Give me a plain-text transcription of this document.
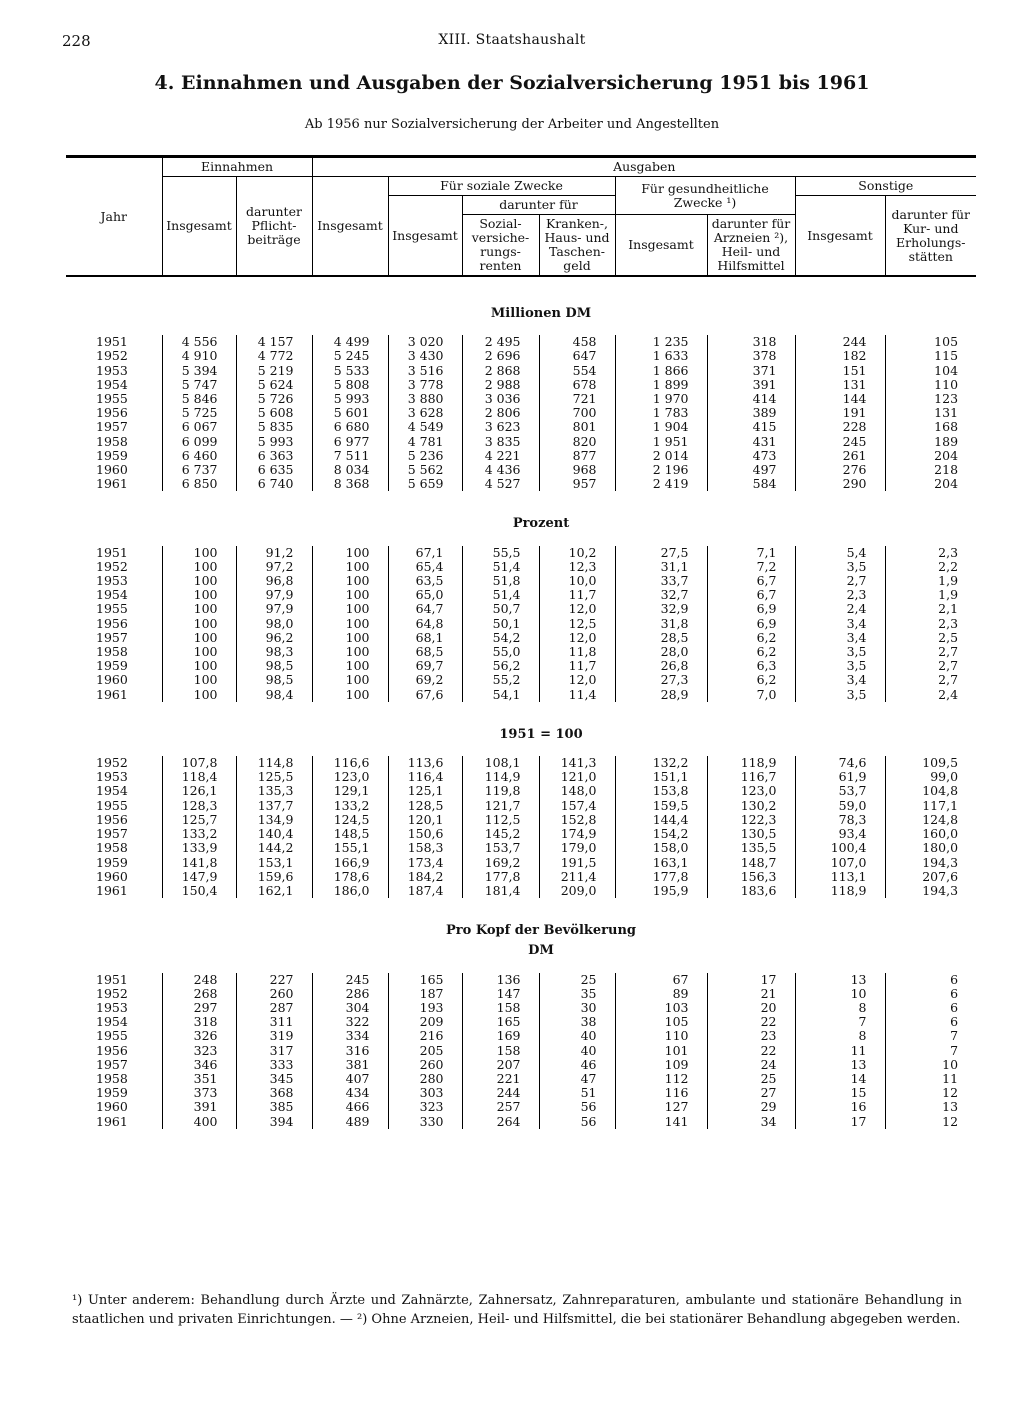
228	XIII. Staatshaushalt
4. Einnahmen und Ausgaben der Sozialversicherung 1951 bis 1961
Ab 1956 nur Sozialversicherung der Arbeiter und Angestellten
Jahr	Einnahmen		Ausgaben							
	Insgesamt	darunter Pflicht-beiträge	Insgesamt	Für soziale Zwecke			Für gesundheitliche Zwecke ¹)		Sonstige	
				Insgesamt	darunter für				Insgesamt	darunter für Kur- und Erholungs-stätten
					Sozial-versiche-rungs-renten	Kranken-, Haus- und Taschen-geld	Insgesamt	darunter für Arzneien ²), Heil- und Hilfsmittel		

Millionen DM										

1951	4 556	4 157	4 499	3 020	2 495	458	1 235	318	244	105
1952	4 910	4 772	5 245	3 430	2 696	647	1 633	378	182	115
1953	5 394	5 219	5 533	3 516	2 868	554	1 866	371	151	104
1954	5 747	5 624	5 808	3 778	2 988	678	1 899	391	131	110
1955	5 846	5 726	5 993	3 880	3 036	721	1 970	414	144	123
1956	5 725	5 608	5 601	3 628	2 806	700	1 783	389	191	131
1957	6 067	5 835	6 680	4 549	3 623	801	1 904	415	228	168
1958	6 099	5 993	6 977	4 781	3 835	820	1 951	431	245	189
1959	6 460	6 363	7 511	5 236	4 221	877	2 014	473	261	204
1960	6 737	6 635	8 034	5 562	4 436	968	2 196	497	276	218
1961	6 850	6 740	8 368	5 659	4 527	957	2 419	584	290	204

Prozent										

1951	100	91,2	100	67,1	55,5	10,2	27,5	7,1	5,4	2,3
1952	100	97,2	100	65,4	51,4	12,3	31,1	7,2	3,5	2,2
1953	100	96,8	100	63,5	51,8	10,0	33,7	6,7	2,7	1,9
1954	100	97,9	100	65,0	51,4	11,7	32,7	6,7	2,3	1,9
1955	100	97,9	100	64,7	50,7	12,0	32,9	6,9	2,4	2,1
1956	100	98,0	100	64,8	50,1	12,5	31,8	6,9	3,4	2,3
1957	100	96,2	100	68,1	54,2	12,0	28,5	6,2	3,4	2,5
1958	100	98,3	100	68,5	55,0	11,8	28,0	6,2	3,5	2,7
1959	100	98,5	100	69,7	56,2	11,7	26,8	6,3	3,5	2,7
1960	100	98,5	100	69,2	55,2	12,0	27,3	6,2	3,4	2,7
1961	100	98,4	100	67,6	54,1	11,4	28,9	7,0	3,5	2,4

1951 = 100										

1952	107,8	114,8	116,6	113,6	108,1	141,3	132,2	118,9	74,6	109,5
1953	118,4	125,5	123,0	116,4	114,9	121,0	151,1	116,7	61,9	99,0
1954	126,1	135,3	129,1	125,1	119,8	148,0	153,8	123,0	53,7	104,8
1955	128,3	137,7	133,2	128,5	121,7	157,4	159,5	130,2	59,0	117,1
1956	125,7	134,9	124,5	120,1	112,5	152,8	144,4	122,3	78,3	124,8
1957	133,2	140,4	148,5	150,6	145,2	174,9	154,2	130,5	93,4	160,0
1958	133,9	144,2	155,1	158,3	153,7	179,0	158,0	135,5	100,4	180,0
1959	141,8	153,1	166,9	173,4	169,2	191,5	163,1	148,7	107,0	194,3
1960	147,9	159,6	178,6	184,2	177,8	211,4	177,8	156,3	113,1	207,6
1961	150,4	162,1	186,0	187,4	181,4	209,0	195,9	183,6	118,9	194,3

Pro Kopf der Bevölkerung										
DM										

1951	248	227	245	165	136	25	67	17	13	6
1952	268	260	286	187	147	35	89	21	10	6
1953	297	287	304	193	158	30	103	20	8	6
1954	318	311	322	209	165	38	105	22	7	6
1955	326	319	334	216	169	40	110	23	8	7
1956	323	317	316	205	158	40	101	22	11	7
1957	346	333	381	260	207	46	109	24	13	10
1958	351	345	407	280	221	47	112	25	14	11
1959	373	368	434	303	244	51	116	27	15	12
1960	391	385	466	323	257	56	127	29	16	13
1961	400	394	489	330	264	56	141	34	17	12
¹) Unter anderem: Behandlung durch Ärzte und Zahnärzte, Zahnersatz, Zahnreparaturen, ambulante und stationäre Behandlung in staatlichen und privaten Einrichtungen. — ²) Ohne Arzneien, Heil- und Hilfsmittel, die bei stationärer Behandlung abgegeben werden.
